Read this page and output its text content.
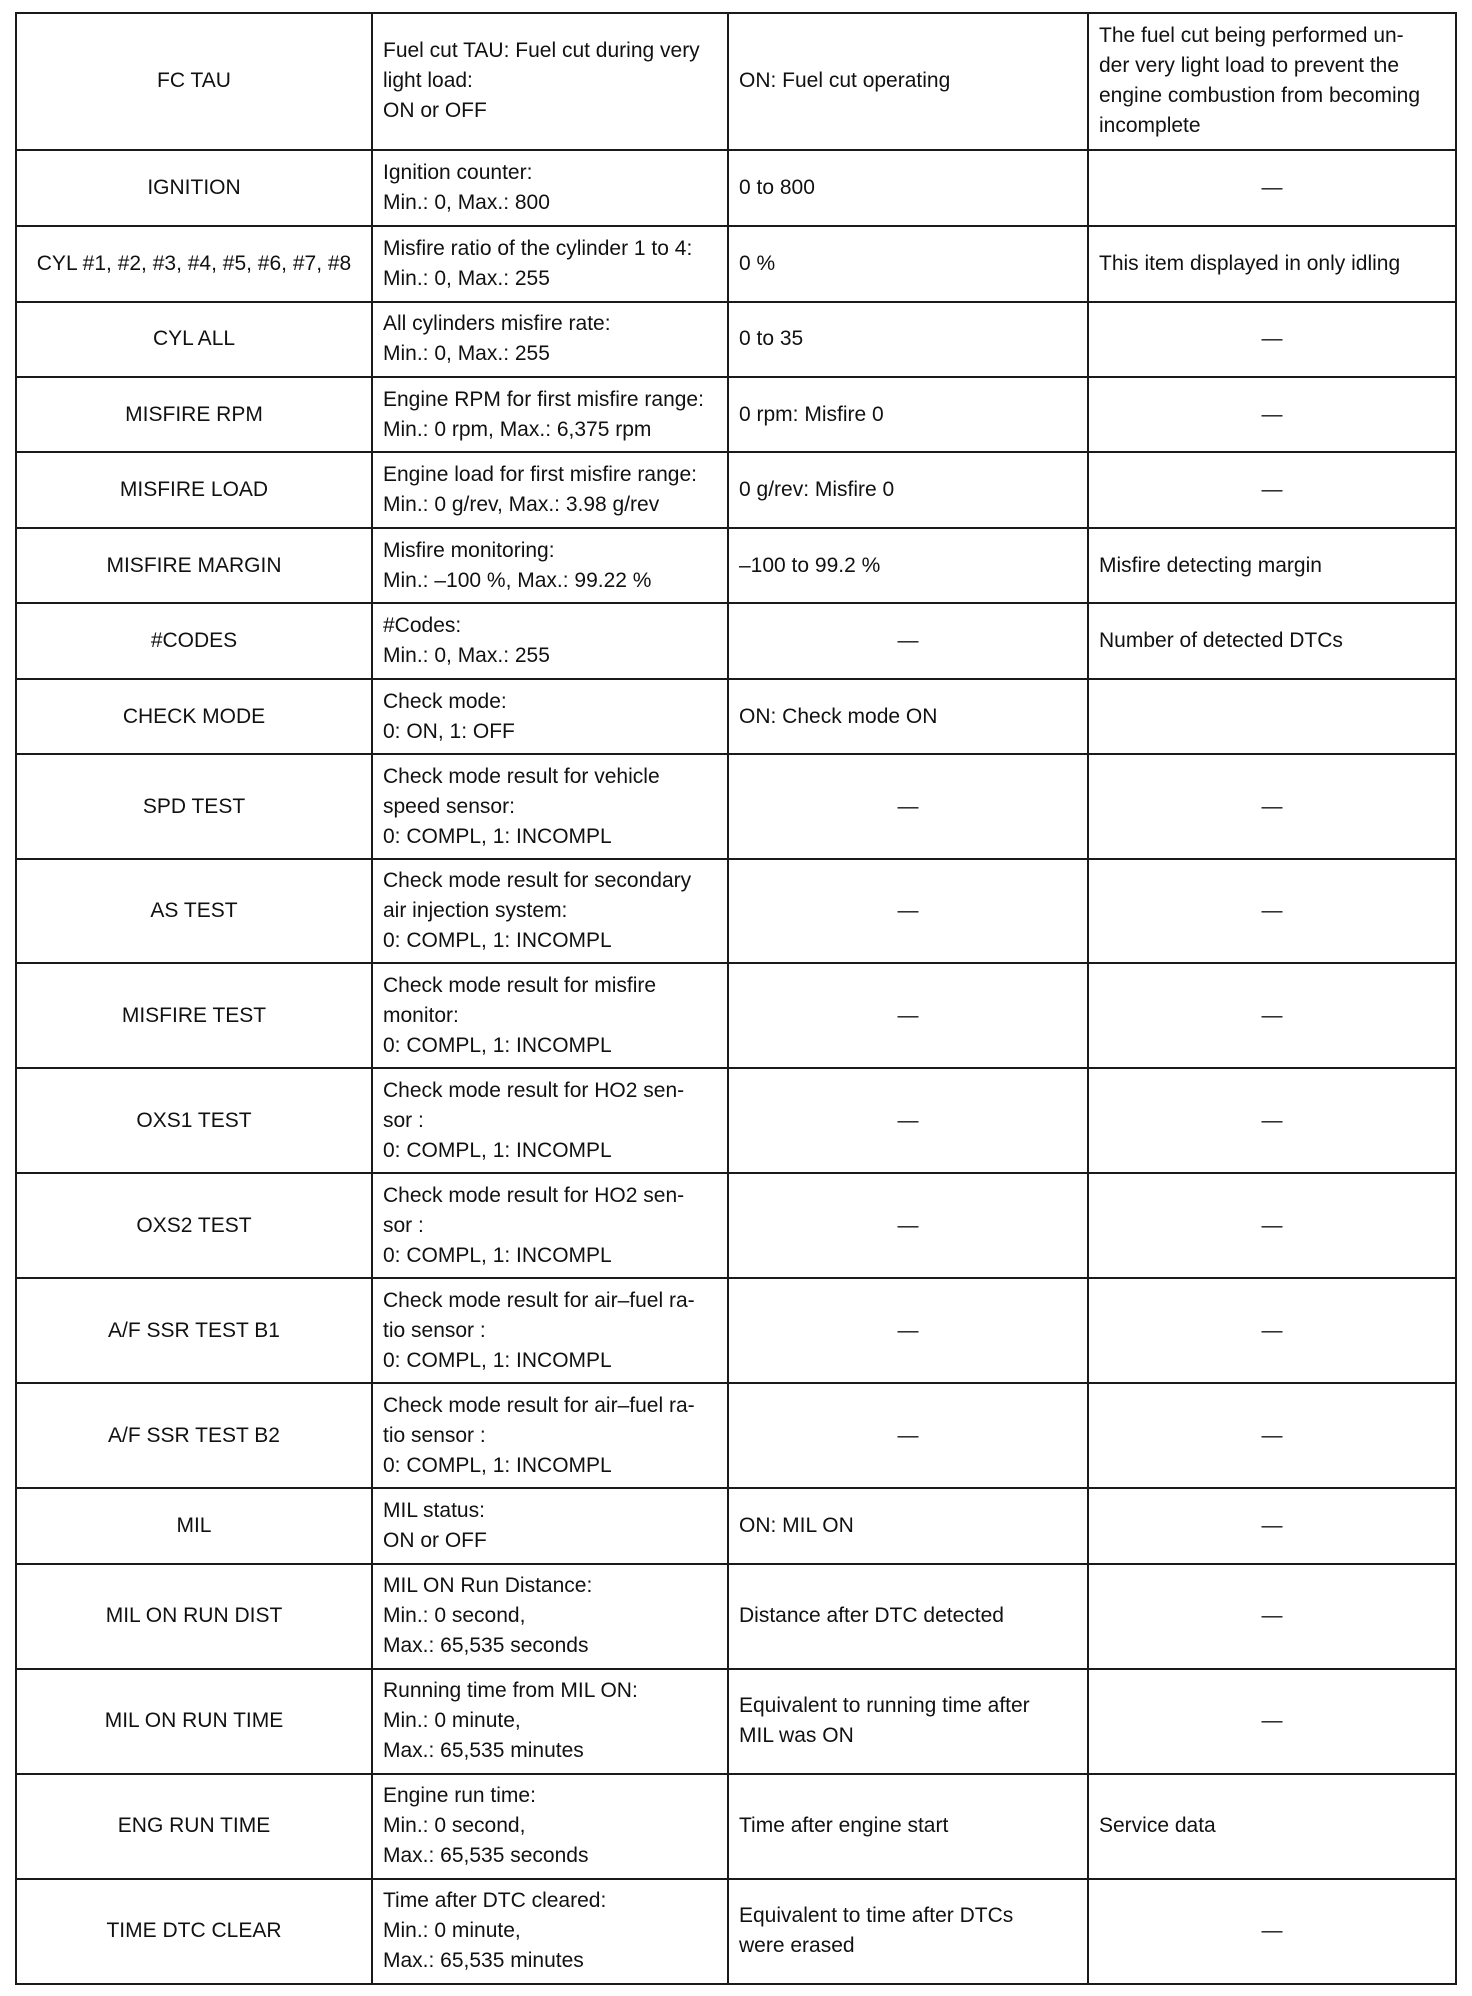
FC TAU	Fuel cut TAU: Fuel cut during very
light load:
ON or OFF	ON: Fuel cut operating	The fuel cut being performed un-
der very light load to prevent the
engine combustion from becoming
incomplete

IGNITION	Ignition counter:
Min.: 0, Max.: 800	0 to 800	—

CYL #1, #2, #3, #4, #5, #6, #7, #8	Misfire ratio of the cylinder 1 to 4:
Min.: 0, Max.: 255	0 %	This item displayed in only idling

CYL ALL	All cylinders misfire rate:
Min.: 0, Max.: 255	0 to 35	—

MISFIRE RPM	Engine RPM for first misfire range:
Min.: 0 rpm, Max.: 6,375 rpm	0 rpm: Misfire 0	—

MISFIRE LOAD	Engine load for first misfire range:
Min.: 0 g/rev, Max.: 3.98 g/rev	0 g/rev: Misfire 0	—

MISFIRE MARGIN	Misfire monitoring:
Min.: –100 %, Max.: 99.22 %	–100 to 99.2 %	Misfire detecting margin

#CODES	#Codes:
Min.: 0, Max.: 255	—	Number of detected DTCs

CHECK MODE	Check mode:
0: ON, 1: OFF	ON: Check mode ON	

SPD TEST	Check mode result for vehicle
speed sensor:
0: COMPL, 1: INCOMPL	—	—

AS TEST	Check mode result for secondary
air injection system:
0: COMPL, 1: INCOMPL	—	—

MISFIRE TEST	Check mode result for misfire
monitor:
0: COMPL, 1: INCOMPL	—	—

OXS1 TEST	Check mode result for HO2 sen-
sor :
0: COMPL, 1: INCOMPL	—	—

OXS2 TEST	Check mode result for HO2 sen-
sor :
0: COMPL, 1: INCOMPL	—	—

A/F SSR TEST B1	Check mode result for air–fuel ra-
tio sensor :
0: COMPL, 1: INCOMPL	—	—

A/F SSR TEST B2	Check mode result for air–fuel ra-
tio sensor :
0: COMPL, 1: INCOMPL	—	—

MIL	MIL status:
ON or OFF	ON: MIL ON	—

MIL ON RUN DIST	MIL ON Run Distance:
Min.: 0 second,
Max.: 65,535 seconds	Distance after DTC detected	—

MIL ON RUN TIME	Running time from MIL ON:
Min.: 0 minute,
Max.: 65,535 minutes	Equivalent to running time after
MIL was ON	—

ENG RUN TIME	Engine run time:
Min.: 0 second,
Max.: 65,535 seconds	Time after engine start	Service data

TIME DTC CLEAR	Time after DTC cleared:
Min.: 0 minute,
Max.: 65,535 minutes	Equivalent to time after DTCs
were erased	—
